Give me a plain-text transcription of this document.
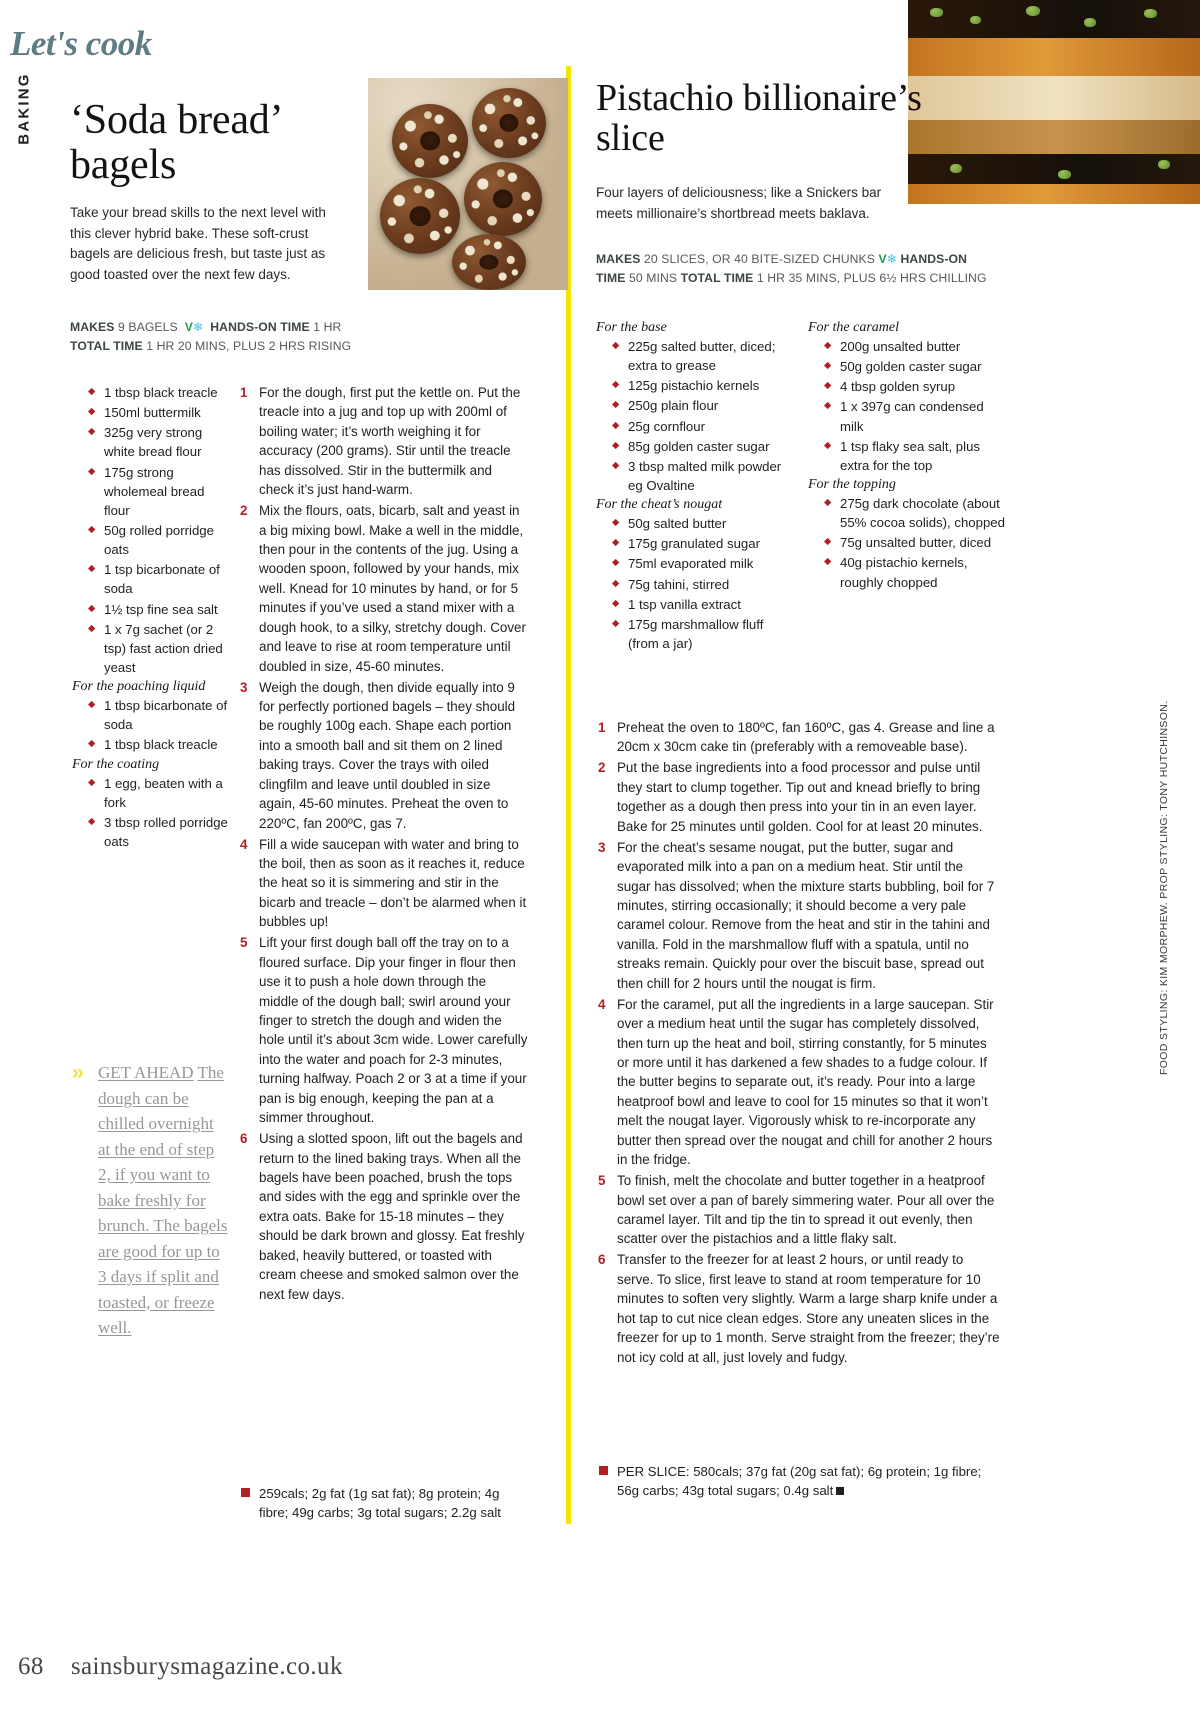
Let's cook
BAKING ‘Soda bread’ bagels

Take your bread skills to the next level with this clever hybrid bake. These soft-crust bagels are delicious fresh, but taste just as good toasted over the next few days.

MAKES 9 BAGELS V❄ HANDS-ON TIME 1 HR
TOTAL TIME 1 HR 20 MINS, PLUS 2 HRS RISING
◆ 1 tbsp black treacle
◆ 150ml buttermilk
◆ 325g very strong white bread flour
◆ 175g strong wholemeal bread flour
◆ 50g rolled porridge oats
◆ 1 tsp bicarbonate of soda
◆ 1½ tsp fine sea salt
◆ 1 x 7g sachet (or 2 tsp) fast action dried yeast
For the poaching liquid
◆ 1 tbsp bicarbonate of soda
◆ 1 tbsp black treacle
For the coating
◆ 1 egg, beaten with a fork
◆ 3 tbsp rolled porridge oats
For the dough, first put the kettle on. Put the treacle into a jug and top up with 200ml of boiling water; it’s worth weighing it for accuracy (200 grams). Stir until the treacle has dissolved. Stir in the buttermilk and check it’s just hand-warm.
Mix the flours, oats, bicarb, salt and yeast in a big mixing bowl. Make a well in the middle, then pour in the contents of the jug. Using a wooden spoon, followed by your hands, mix well. Knead for 10 minutes by hand, or for 5 minutes if you’ve used a stand mixer with a dough hook, to a silky, stretchy dough. Cover and leave to rise at room temperature until doubled in size, 45-60 minutes.
Weigh the dough, then divide equally into 9 for perfectly portioned bagels – they should be roughly 100g each. Shape each portion into a smooth ball and sit them on 2 lined baking trays. Cover the trays with oiled clingfilm and leave until doubled in size again, 45-60 minutes. Preheat the oven to 220ºC, fan 200ºC, gas 7.
Fill a wide saucepan with water and bring to the boil, then as soon as it reaches it, reduce the heat so it is simmering and stir in the bicarb and treacle – don’t be alarmed when it bubbles up!
Lift your first dough ball off the tray on to a floured surface. Dip your finger in flour then use it to push a hole down through the middle of the dough ball; swirl around your finger to stretch the dough and widen the hole until it’s about 3cm wide. Lower carefully into the water and poach for 2-3 minutes, turning halfway. Poach 2 or 3 at a time if your pan is big enough, keeping the pan at a simmer throughout.
Using a slotted spoon, lift out the bagels and return to the lined baking trays. When all the bagels have been poached, brush the tops and sides with the egg and sprinkle over the extra oats. Bake for 15-18 minutes – they should be dark brown and glossy. Eat freshly baked, heavily buttered, or toasted with cream cheese and smoked salmon over the next few days.
259cals; 2g fat (1g sat fat); 8g protein; 4g fibre; 49g carbs; 3g total sugars; 2.2g salt
» GET AHEAD The dough can be chilled overnight at the end of step 2, if you want to bake freshly for brunch. The bagels are good for up to 3 days if split and toasted, or freeze well.
Pistachio billionaire’s slice

Four layers of deliciousness; like a Snickers bar meets millionaire’s shortbread meets baklava.

MAKES 20 SLICES, OR 40 BITE-SIZED CHUNKS V❄ HANDS-ON TIME 50 MINS TOTAL TIME 1 HR 35 MINS, PLUS 6½ HRS CHILLING
For the base
◆ 225g salted butter, diced; extra to grease
◆ 125g pistachio kernels
◆ 250g plain flour
◆ 25g cornflour
◆ 85g golden caster sugar
◆ 3 tbsp malted milk powder eg Ovaltine
For the cheat’s nougat
◆ 50g salted butter
◆ 175g granulated sugar
◆ 75ml evaporated milk
◆ 75g tahini, stirred
◆ 1 tsp vanilla extract
◆ 175g marshmallow fluff (from a jar)
For the caramel
◆ 200g unsalted butter
◆ 50g golden caster sugar
◆ 4 tbsp golden syrup
◆ 1 x 397g can condensed milk
◆ 1 tsp flaky sea salt, plus extra for the top
For the topping
◆ 275g dark chocolate (about 55% cocoa solids), chopped
◆ 75g unsalted butter, diced
◆ 40g pistachio kernels, roughly chopped
Preheat the oven to 180ºC, fan 160ºC, gas 4. Grease and line a 20cm x 30cm cake tin (preferably with a removeable base).
Put the base ingredients into a food processor and pulse until they start to clump together. Tip out and knead briefly to bring together as a dough then press into your tin in an even layer. Bake for 25 minutes until golden. Cool for at least 20 minutes.
For the cheat’s sesame nougat, put the butter, sugar and evaporated milk into a pan on a medium heat. Stir until the sugar has dissolved; when the mixture starts bubbling, boil for 7 minutes, stirring occasionally; it should become a very pale caramel colour. Remove from the heat and stir in the tahini and vanilla. Fold in the marshmallow fluff with a spatula, until no streaks remain. Quickly pour over the biscuit base, spread out then chill for 2 hours until the nougat is firm.
For the caramel, put all the ingredients in a large saucepan. Stir over a medium heat until the sugar has completely dissolved, then turn up the heat and boil, stirring constantly, for 5 minutes or more until it has darkened a few shades to a fudge colour. If the butter begins to separate out, it’s ready. Pour into a large heatproof bowl and leave to cool for 15 minutes so that it won’t melt the nougat layer. Vigorously whisk to re-incorporate any butter then spread over the nougat and chill for another 2 hours in the fridge.
To finish, melt the chocolate and butter together in a heatproof bowl set over a pan of barely simmering water. Pour all over the caramel layer. Tilt and tip the tin to spread it out evenly, then scatter over the pistachios and a little flaky salt.
Transfer to the freezer for at least 2 hours, or until ready to serve. To slice, first leave to stand at room temperature for 10 minutes to soften very slightly. Warm a large sharp knife under a hot tap to cut nice clean edges. Store any uneaten slices in the freezer for up to 1 month. Serve straight from the freezer; they’re not icy cold at all, just lovely and fudgy.
PER SLICE: 580cals; 37g fat (20g sat fat); 6g protein; 1g fibre; 56g carbs; 43g total sugars; 0.4g salt
FOOD STYLING: KIM MORPHEW. PROP STYLING: TONY HUTCHINSON.
68 sainsburysmagazine.co.uk
